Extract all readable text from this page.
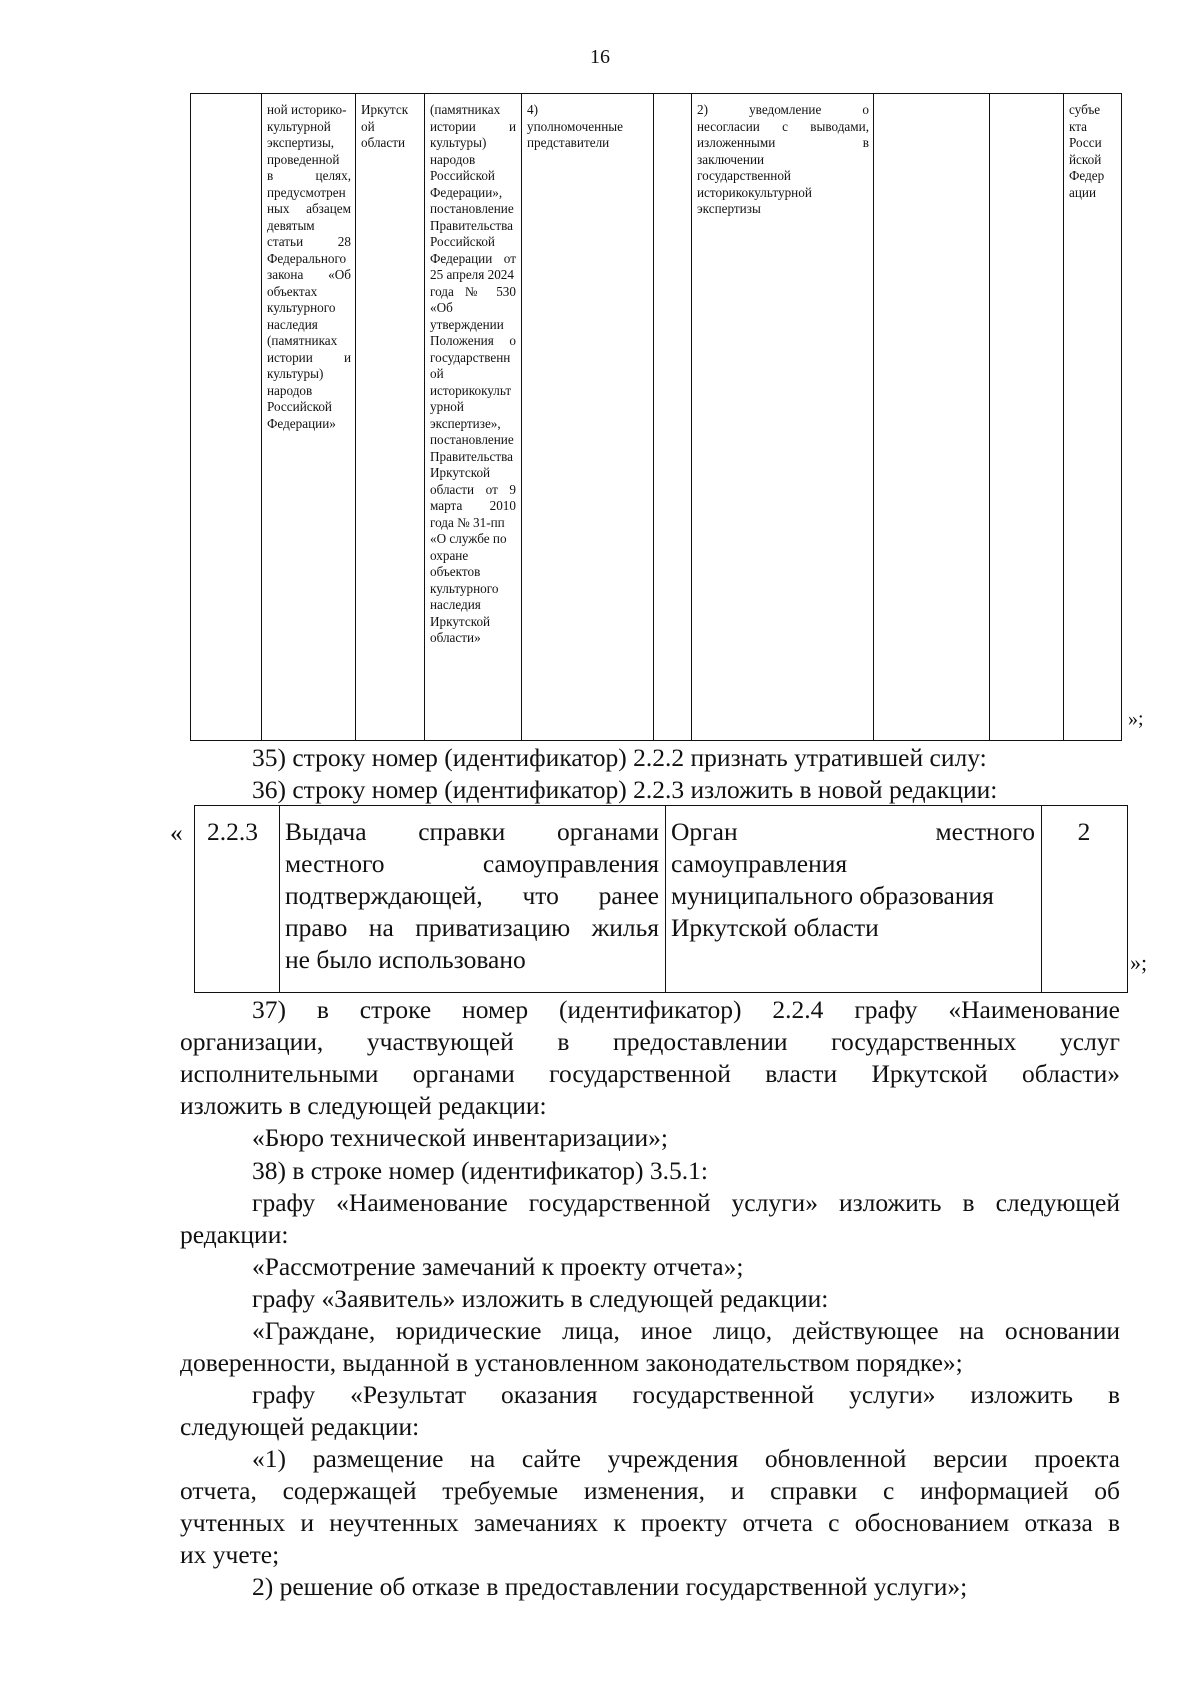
16
ной историко-
культурной
экспертизы,
проведенной
в целях,
предусмотрен
ных абзацем
девятым
статьи 28
Федерального
закона «Об
объектах
культурного
наследия
(памятниках
истории и
культуры)
народов
Российской
Федерации»
Иркутск
ой
области
(памятниках
истории и
культуры)
народов
Российской
Федерации»,
постановление
Правительства
Российской
Федерации от
25 апреля 2024
года № 530
«Об
утверждении
Положения о
государственн
ой
историкокульт
урной
экспертизе»,
постановление
Правительства
Иркутской
области от 9
марта 2010
года № 31-пп
«О службе по
охране
объектов
культурного
наследия
Иркутской
области»
4)
уполномоченные
представители
2) уведомление о
несогласии с выводами,
изложенными в
заключении
государственной
историкокультурной
экспертизы
субъе
кта
Росси
йской
Федер
ации
»;
35) строку номер (идентификатор) 2.2.2 признать утратившей силу:
36) строку номер (идентификатор) 2.2.3 изложить в новой редакции:
« 2.2.3	Выдача справки органами
местного самоуправления
подтверждающей, что ранее
право на приватизацию жилья
не было использовано
Орган местного
самоуправления
муниципального образования
Иркутской области
2
»;
37) в строке номер (идентификатор) 2.2.4 графу «Наименование
организации, участвующей в предоставлении государственных услуг
исполнительными органами государственной власти Иркутской области»
изложить в следующей редакции:
«Бюро технической инвентаризации»;
38) в строке номер (идентификатор) 3.5.1:
графу «Наименование государственной услуги» изложить в следующей
редакции:
«Рассмотрение замечаний к проекту отчета»;
графу «Заявитель» изложить в следующей редакции:
«Граждане, юридические лица, иное лицо, действующее на основании
доверенности, выданной в установленном законодательством порядке»;
графу «Результат оказания государственной услуги» изложить в
следующей редакции:
«1) размещение на сайте учреждения обновленной версии проекта
отчета, содержащей требуемые изменения, и справки с информацией об
учтенных и неучтенных замечаниях к проекту отчета с обоснованием отказа в
их учете;
2) решение об отказе в предоставлении государственной услуги»;
